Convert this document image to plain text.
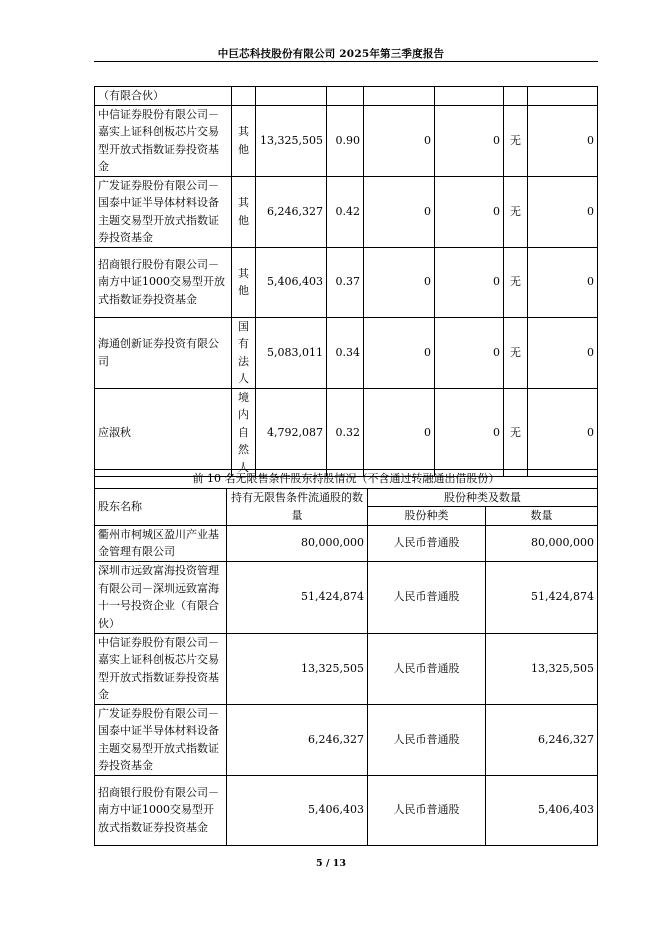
中巨芯科技股份有限公司 2025年第三季度报告
（有限合伙）							
中信证券股份有限公司－嘉实上证科创板芯片交易型开放式指数证券投资基金	其他	13,325,505	0.90	0	0	无	0
广发证券股份有限公司－国泰中证半导体材料设备主题交易型开放式指数证券投资基金	其他	6,246,327	0.42	0	0	无	0
招商银行股份有限公司－南方中证1000交易型开放式指数证券投资基金	其他	5,406,403	0.37	0	0	无	0
海通创新证券投资有限公司	国有法人	5,083,011	0.34	0	0	无	0
应淑秋	境内自然人	4,792,087	0.32	0	0	无	0
前 10 名无限售条件股东持股情况（不含通过转融通出借股份）			
股东名称	持有无限售条件流通股的数量	股份种类及数量	
		股份种类	数量
衢州市柯城区盈川产业基金管理有限公司	80,000,000	人民币普通股	80,000,000
深圳市远致富海投资管理有限公司－深圳远致富海十一号投资企业（有限合伙）	51,424,874	人民币普通股	51,424,874
中信证券股份有限公司－嘉实上证科创板芯片交易型开放式指数证券投资基金	13,325,505	人民币普通股	13,325,505
广发证券股份有限公司－国泰中证半导体材料设备主题交易型开放式指数证券投资基金	6,246,327	人民币普通股	6,246,327
招商银行股份有限公司－南方中证1000交易型开放式指数证券投资基金	5,406,403	人民币普通股	5,406,403
5 / 13
